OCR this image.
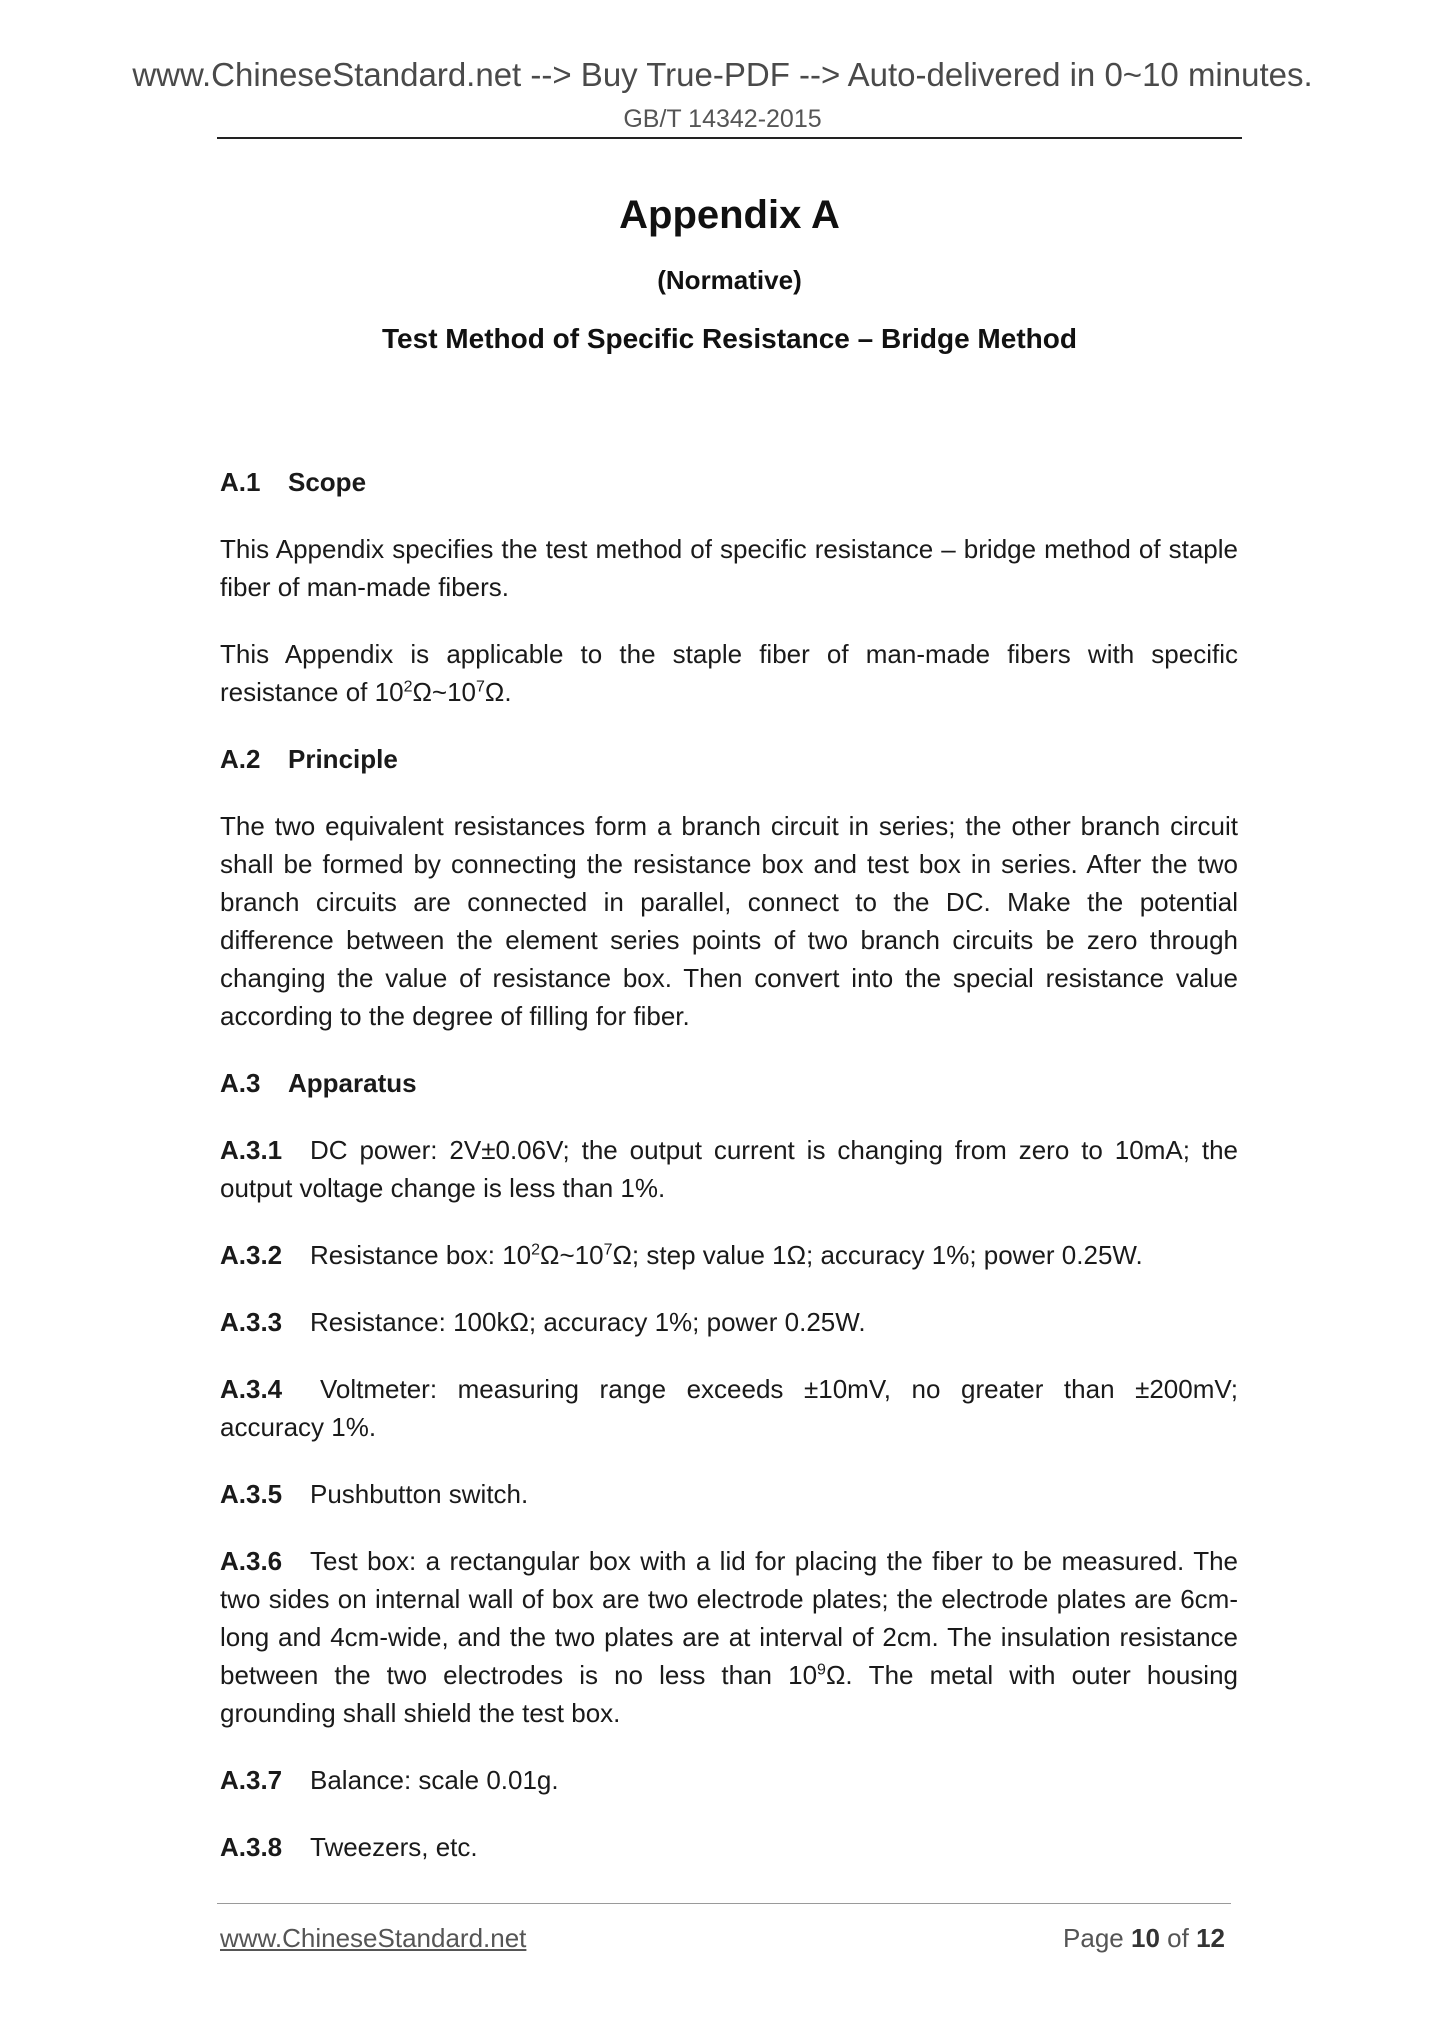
www.ChineseStandard.net --> Buy True-PDF --> Auto-delivered in 0~10 minutes.
GB/T 14342-2015
Appendix A
(Normative)
Test Method of Specific Resistance – Bridge Method
A.1 Scope
This Appendix specifies the test method of specific resistance – bridge method of staple fiber of man-made fibers.
This Appendix is applicable to the staple fiber of man-made fibers with specific resistance of $10^2\Omega\sim 10^7\Omega$.
A.2 Principle
The two equivalent resistances form a branch circuit in series; the other branch circuit shall be formed by connecting the resistance box and test box in series. After the two branch circuits are connected in parallel, connect to the DC. Make the potential difference between the element series points of two branch circuits be zero through changing the value of resistance box. Then convert into the special resistance value according to the degree of filling for fiber.
A.3 Apparatus
A.3.1 DC power: 2V±0.06V; the output current is changing from zero to 10mA; the output voltage change is less than 1%.
A.3.2 Resistance box: $10^2\Omega\sim 10^7\Omega$; step value 1Ω; accuracy 1%; power 0.25W.
A.3.3 Resistance: 100kΩ; accuracy 1%; power 0.25W.
A.3.4 Voltmeter: measuring range exceeds ±10mV, no greater than ±200mV; accuracy 1%.
A.3.5 Pushbutton switch.
A.3.6 Test box: a rectangular box with a lid for placing the fiber to be measured. The two sides on internal wall of box are two electrode plates; the electrode plates are 6cm-long and 4cm-wide, and the two plates are at interval of 2cm. The insulation resistance between the two electrodes is no less than $10^9\Omega$. The metal with outer housing grounding shall shield the test box.
A.3.7 Balance: scale 0.01g.
A.3.8 Tweezers, etc.
www.ChineseStandard.net	Page 10 of 12
